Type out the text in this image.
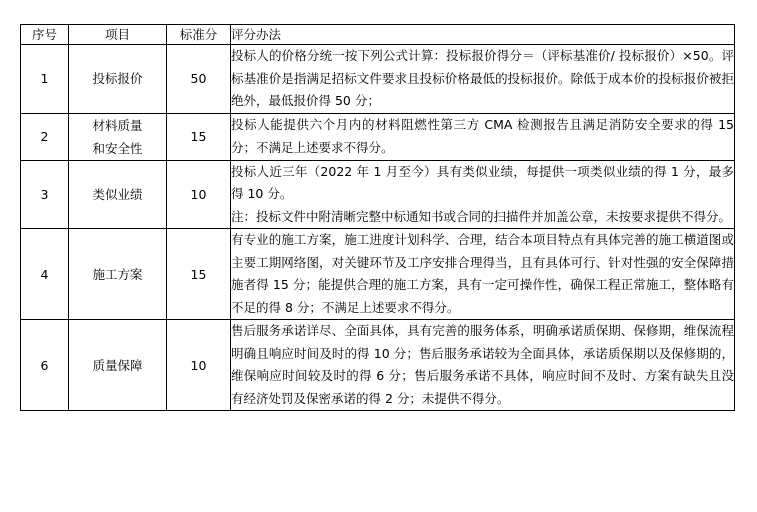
序号	项目	标准分	评分办法
1	投标报价	50	投标人的价格分统一按下列公式计算：投标报价得分＝（评标基准价/ 投标报价）×50。评标基准价是指满足招标文件要求且投标价格最低的投标报价。除低于成本价的投标报价被拒绝外，最低报价得 50 分；

2	材料质量和安全性	15	投标人能提供六个月内的材料阻燃性第三方 CMA 检测报告且满足消防安全要求的得 15 分；不满足上述要求不得分。

3	类似业绩	10	投标人近三年（2022 年 1 月至今）具有类似业绩，每提供一项类似业绩的得 1 分，最多得 10 分。

注：投标文件中附清晰完整中标通知书或合同的扫描件并加盖公章，未按要求提供不得分。

4	施工方案	15	有专业的施工方案，施工进度计划科学、合理，结合本项目特点有具体完善的施工横道图或主要工期网络图，对关键环节及工序安排合理得当，且有具体可行、针对性强的安全保障措施者得 15 分；能提供合理的施工方案，具有一定可操作性，确保工程正常施工，整体略有不足的得 8 分；不满足上述要求不得分。

6	质量保障	10	售后服务承诺详尽、全面具体，具有完善的服务体系，明确承诺质保期、保修期，维保流程明确且响应时间及时的得 10 分；售后服务承诺较为全面具体，承诺质保期以及保修期的，维保响应时间较及时的得 6 分；售后服务承诺不具体，响应时间不及时、方案有缺失且没有经济处罚及保密承诺的得 2 分；未提供不得分。
